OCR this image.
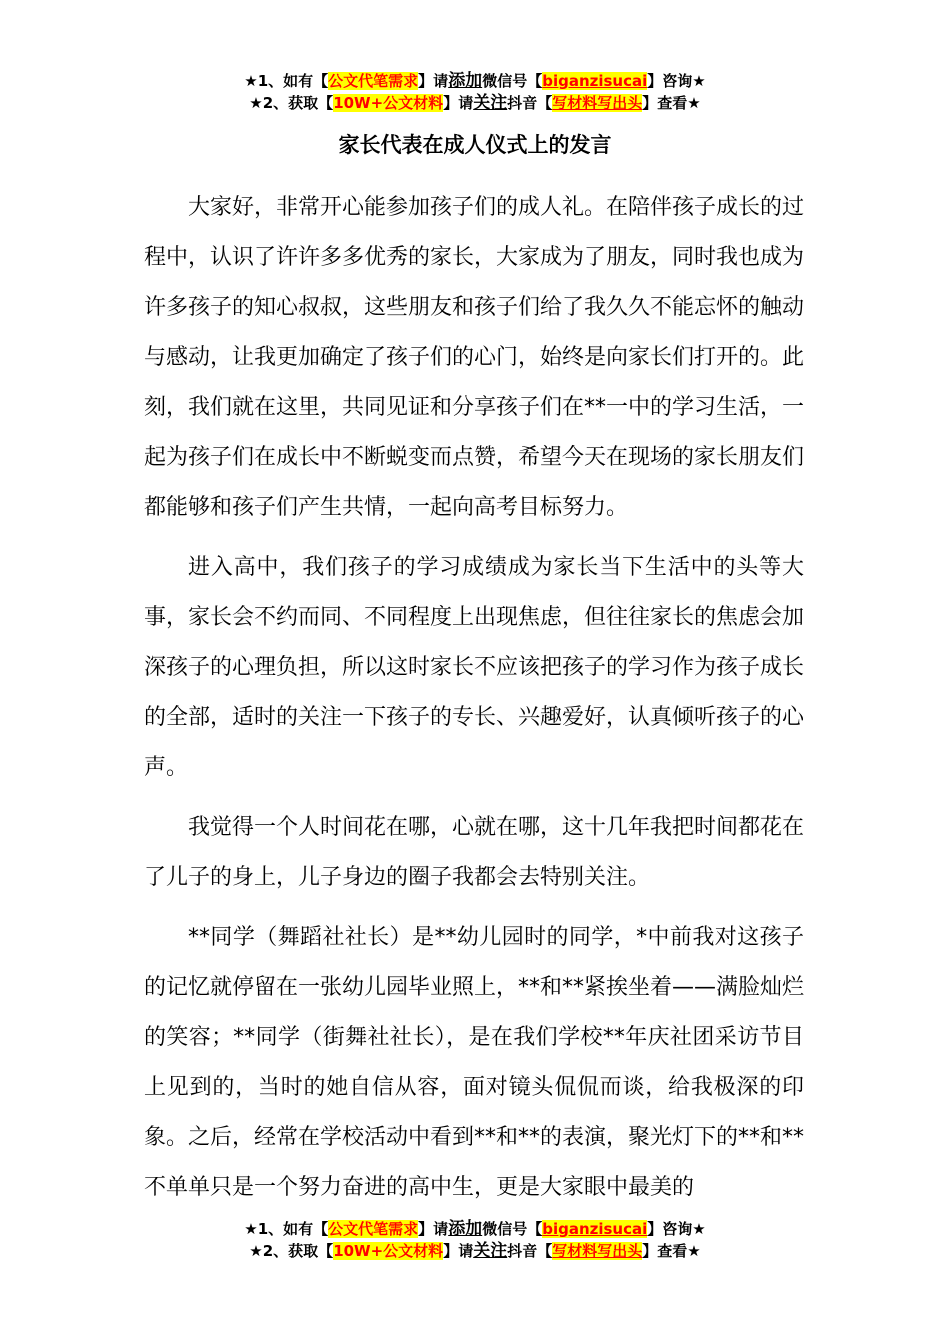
★1、如有【公文代笔需求】请添加微信号【biganzisucai】咨询★
★2、获取【10W+公文材料】请关注抖音【写材料写出头】查看★
家长代表在成人仪式上的发言

大家好，非常开心能参加孩子们的成人礼。在陪伴孩子成长的过程中，认识了许许多多优秀的家长，大家成为了朋友，同时我也成为许多孩子的知心叔叔，这些朋友和孩子们给了我久久不能忘怀的触动与感动，让我更加确定了孩子们的心门，始终是向家长们打开的。此刻，我们就在这里，共同见证和分享孩子们在**一中的学习生活，一起为孩子们在成长中不断蜕变而点赞，希望今天在现场的家长朋友们都能够和孩子们产生共情，一起向高考目标努力。

进入高中，我们孩子的学习成绩成为家长当下生活中的头等大事，家长会不约而同、不同程度上出现焦虑，但往往家长的焦虑会加深孩子的心理负担，所以这时家长不应该把孩子的学习作为孩子成长的全部，适时的关注一下孩子的专长、兴趣爱好，认真倾听孩子的心声。

我觉得一个人时间花在哪，心就在哪，这十几年我把时间都花在了儿子的身上，儿子身边的圈子我都会去特别关注。

**同学（舞蹈社社长）是**幼儿园时的同学，*中前我对这孩子的记忆就停留在一张幼儿园毕业照上，**和**紧挨坐着——满脸灿烂的笑容；**同学（街舞社社长），是在我们学校**年庆社团采访节目上见到的，当时的她自信从容，面对镜头侃侃而谈，给我极深的印象。之后，经常在学校活动中看到**和**的表演，聚光灯下的**和**不单单只是一个努力奋进的高中生，更是大家眼中最美的

★1、如有【公文代笔需求】请添加微信号【biganzisucai】咨询★
★2、获取【10W+公文材料】请关注抖音【写材料写出头】查看★
